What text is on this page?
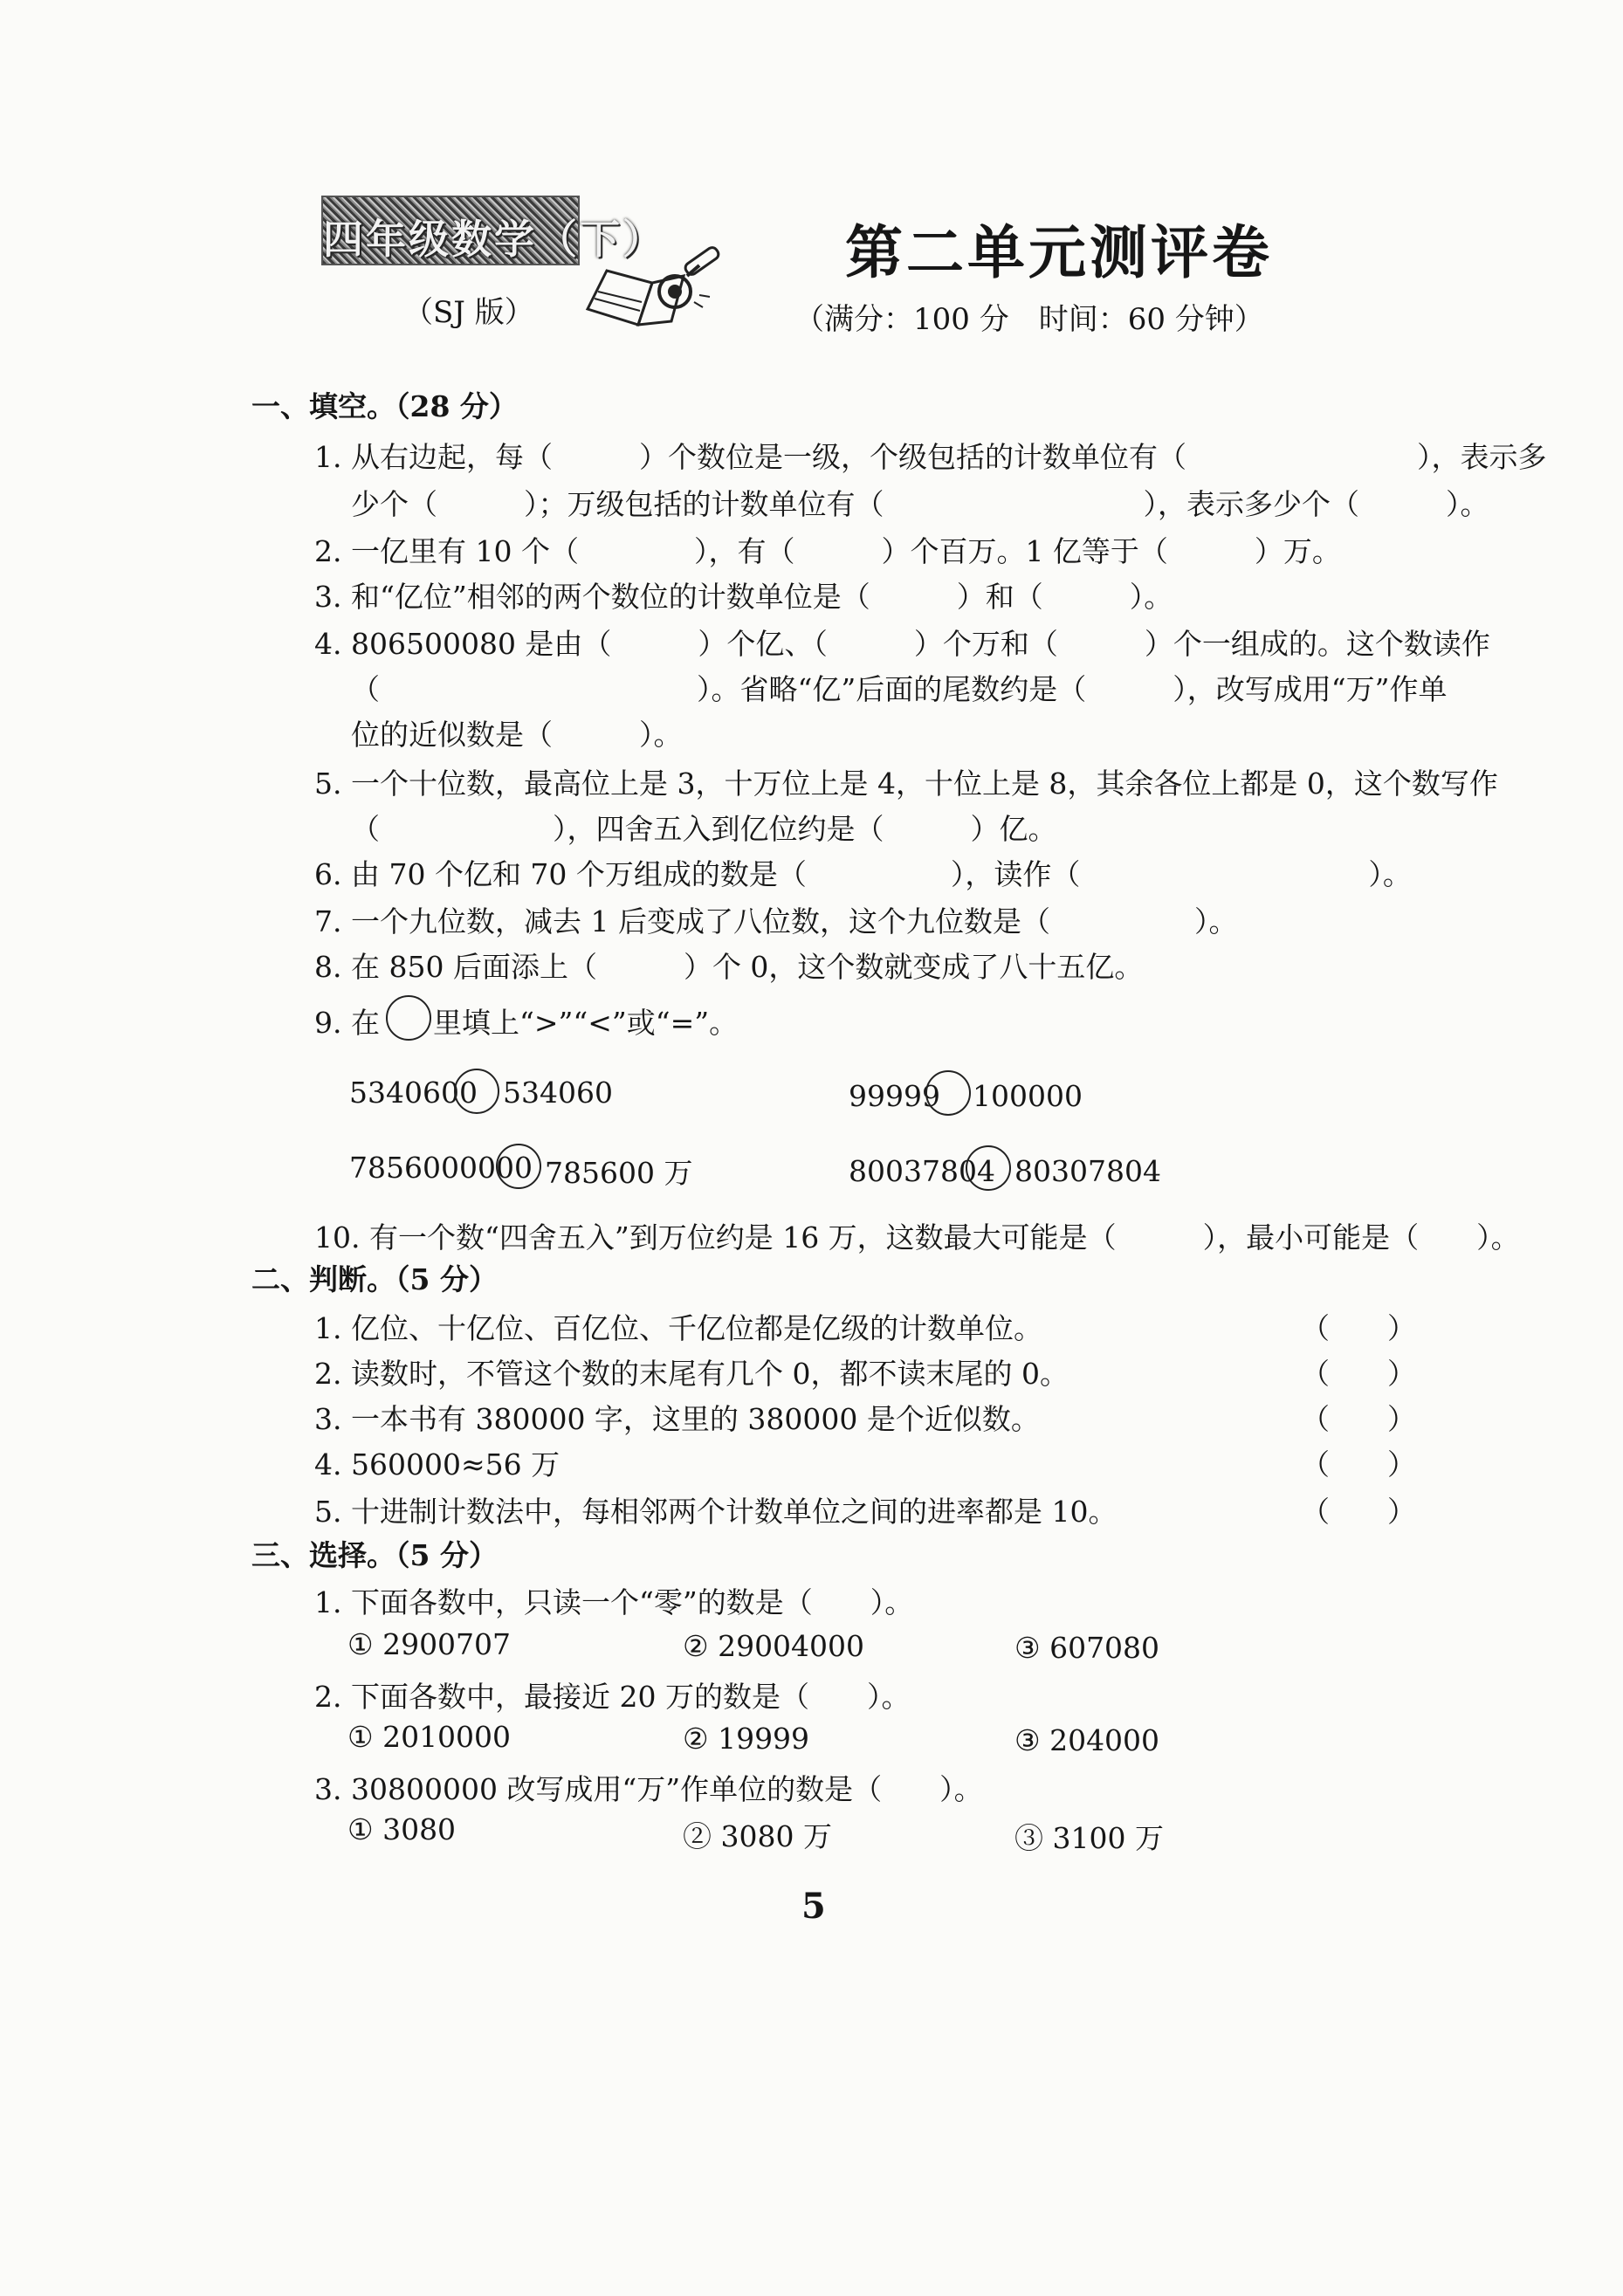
四年级数学（下）
（SJ 版）
第二单元测评卷
（满分：100 分　时间：60 分钟）
一、填空。（28 分）
1. 从右边起，每（　　　）个数位是一级，个级包括的计数单位有（　　　　　　　　），表示多
少个（　　　）；万级包括的计数单位有（　　　　　　　　　），表示多少个（　　　）。
2. 一亿里有 10 个（　　　　），有（　　　）个百万。1 亿等于（　　　）万。
3. 和“亿位”相邻的两个数位的计数单位是（　　　）和（　　　）。
4. 806500080 是由（　　　）个亿、（　　　）个万和（　　　）个一组成的。这个数读作
（　　　　　　　　　　　）。省略“亿”后面的尾数约是（　　　），改写成用“万”作单
位的近似数是（　　　）。
5. 一个十位数，最高位上是 3，十万位上是 4，十位上是 8，其余各位上都是 0，这个数写作
（　　　　　　），四舍五入到亿位约是（　　　）亿。
6. 由 70 个亿和 70 个万组成的数是（　　　　　），读作（　　　　　　　　　　）。
7. 一个九位数，减去 1 后变成了八位数，这个九位数是（　　　　　）。
8. 在 850 后面添上（　　　）个 0，这个数就变成了八十五亿。
9. 在 里填上“>”“<”或“=”。
5340600 534060	99999 100000
7856000000 785600 万	80037804 80307804
10. 有一个数“四舍五入”到万位约是 16 万，这数最大可能是（　　　），最小可能是（　　）。
二、判断。（5 分）
1. 亿位、十亿位、百亿位、千亿位都是亿级的计数单位。	（　　）
2. 读数时，不管这个数的末尾有几个 0，都不读末尾的 0。	（　　）
3. 一本书有 380000 字，这里的 380000 是个近似数。	（　　）
4. 560000≈56 万	（　　）
5. 十进制计数法中，每相邻两个计数单位之间的进率都是 10。	（　　）
三、选择。（5 分）
1. 下面各数中，只读一个“零”的数是（　　）。
① 2900707	② 29004000	③ 607080
2. 下面各数中，最接近 20 万的数是（　　）。
① 2010000	② 19999	③ 204000
3. 30800000 改写成用“万”作单位的数是（　　）。
① 3080	② 3080 万	③ 3100 万
5
